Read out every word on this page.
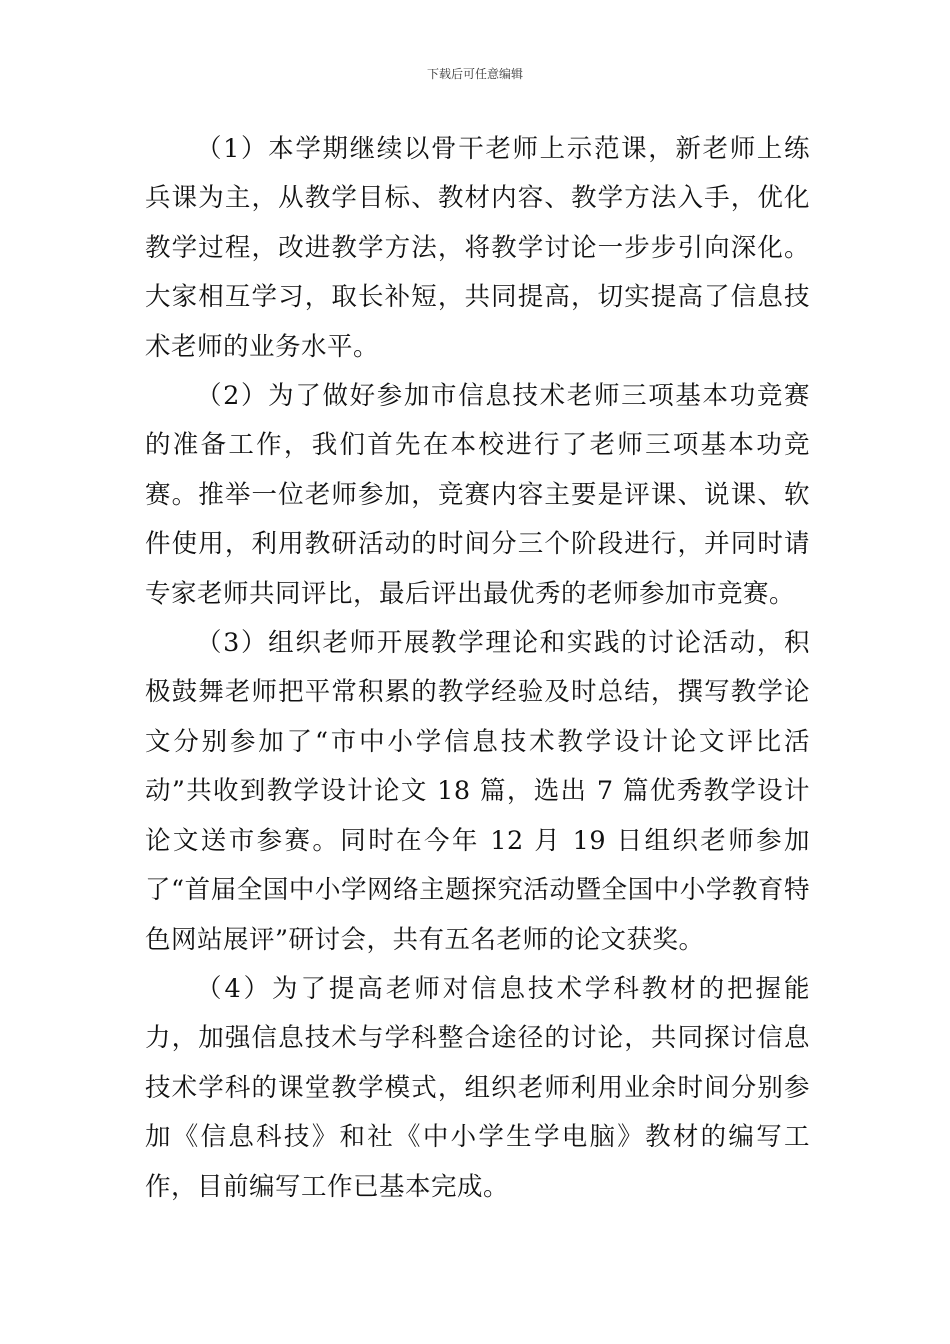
下载后可任意编辑

（1）本学期继续以骨干老师上示范课，新老师上练兵课为主，从教学目标、教材内容、教学方法入手，优化教学过程，改进教学方法，将教学讨论一步步引向深化。大家相互学习，取长补短，共同提高，切实提高了信息技术老师的业务水平。

（2）为了做好参加市信息技术老师三项基本功竞赛的准备工作，我们首先在本校进行了老师三项基本功竞赛。推举一位老师参加，竞赛内容主要是评课、说课、软件使用，利用教研活动的时间分三个阶段进行，并同时请专家老师共同评比，最后评出最优秀的老师参加市竞赛。

（3）组织老师开展教学理论和实践的讨论活动，积极鼓舞老师把平常积累的教学经验及时总结，撰写教学论文分别参加了“市中小学信息技术教学设计论文评比活动”共收到教学设计论文 18 篇，选出 7 篇优秀教学设计论文送市参赛。同时在今年 12 月 19 日组织老师参加了“首届全国中小学网络主题探究活动暨全国中小学教育特色网站展评”研讨会，共有五名老师的论文获奖。

（4）为了提高老师对信息技术学科教材的把握能力，加强信息技术与学科整合途径的讨论，共同探讨信息技术学科的课堂教学模式，组织老师利用业余时间分别参加《信息科技》和社《中小学生学电脑》教材的编写工作，目前编写工作已基本完成。
